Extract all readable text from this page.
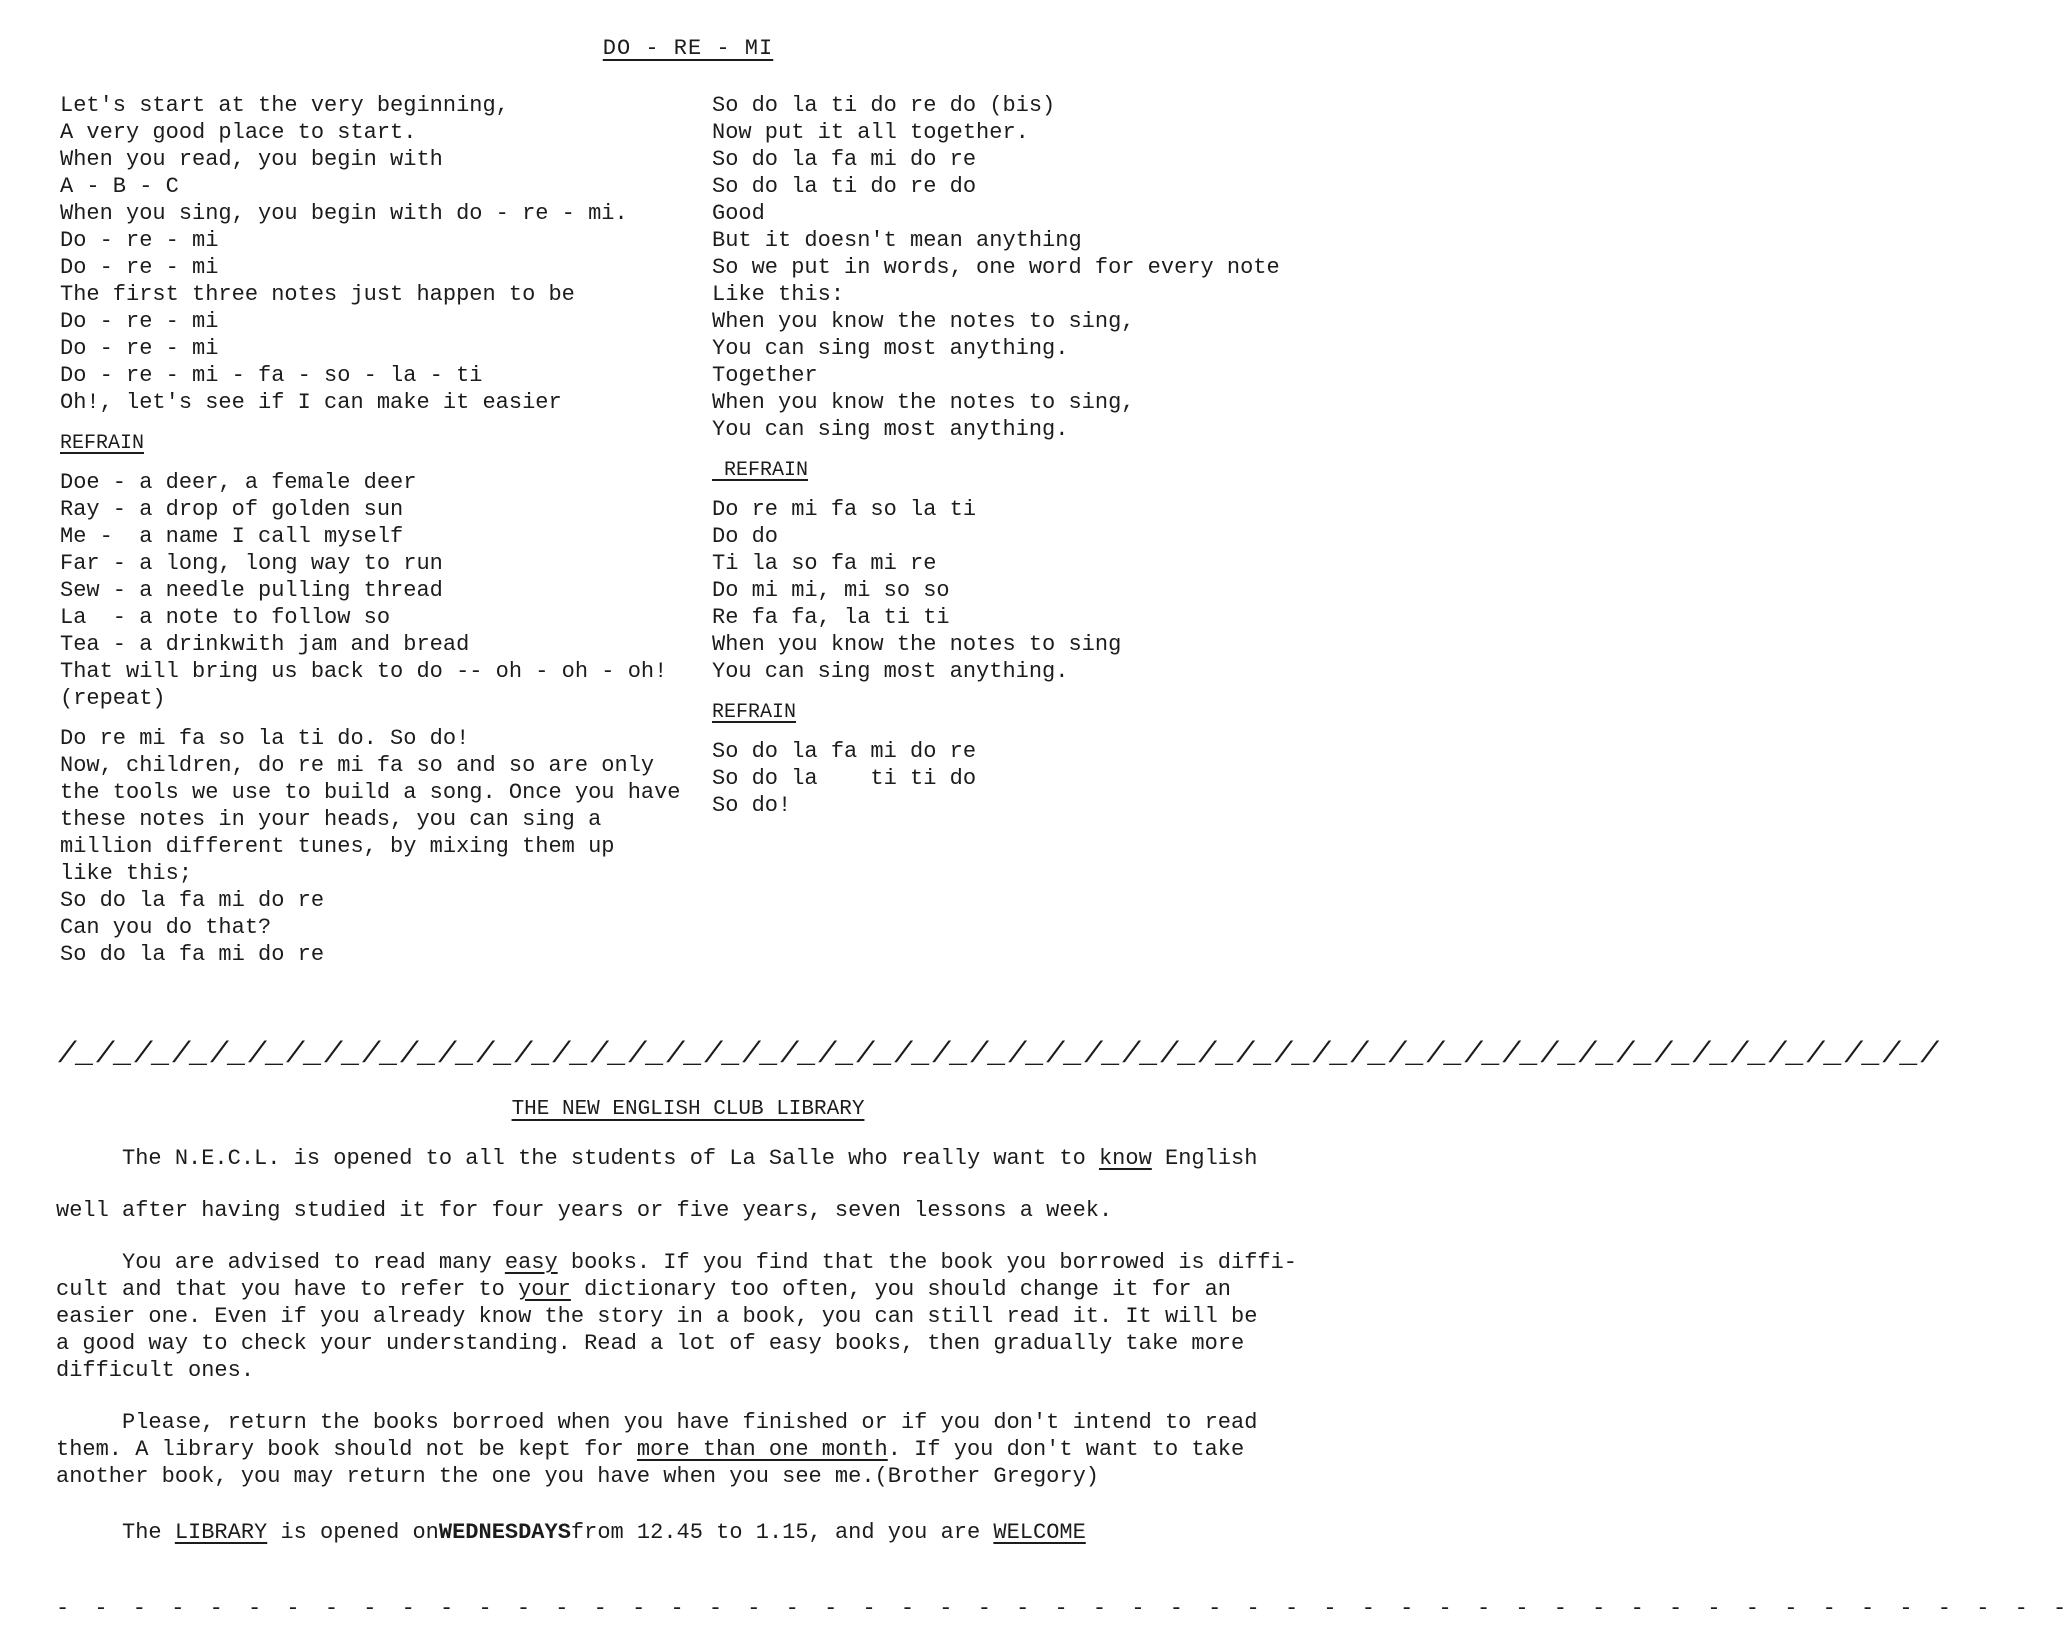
DO - RE - MI
Let's start at the very beginning,
A very good place to start.
When you read, you begin with
A - B - C
When you sing, you begin with do - re - mi.
Do - re - mi
Do - re - mi
The first three notes just happen to be
Do - re - mi
Do - re - mi
Do - re - mi - fa - so - la - ti
Oh!, let's see if I can make it easier
REFRAIN
Doe - a deer, a female deer
Ray - a drop of golden sun
Me -  a name I call myself
Far - a long, long way to run
Sew - a needle pulling thread
La  - a note to follow so
Tea - a drinkwith jam and bread
That will bring us back to do -- oh - oh - oh!
(repeat)
Do re mi fa so la ti do. So do!
Now, children, do re mi fa so and so are only
the tools we use to build a song. Once you have
these notes in your heads, you can sing a
million different tunes, by mixing them up
like this;
So do la fa mi do re
Can you do that?
So do la fa mi do re
So do la ti do re do (bis)
Now put it all together.
So do la fa mi do re
So do la ti do re do
Good
But it doesn't mean anything
So we put in words, one word for every note
Like this:
When you know the notes to sing,
You can sing most anything.
Together
When you know the notes to sing,
You can sing most anything.
REFRAIN
Do re mi fa so la ti
Do do
Ti la so fa mi re
Do mi mi, mi so so
Re fa fa, la ti ti
When you know the notes to sing
You can sing most anything.
REFRAIN
So do la fa mi do re
So do la    ti ti do
So do!
/_/_/_/_/_/_/_/_/_/_/_/_/_/_/_/_/_/_/_/_/_/_/_/_/_/_/_/_/_/_/_/_/_/_/_/_/_/_/_/_/_/_/_/_/_/_/_/_/_/
THE NEW ENGLISH CLUB LIBRARY
The N.E.C.L. is opened to all the students of La Salle who really want to know English
well after having studied it for four years or five years, seven lessons a week.
You are advised to read many easy books. If you find that the book you borrowed is diffi-
cult and that you have to refer to your dictionary too often, you should change it for an
easier one. Even if you already know the story in a book, you can still read it. It will be
a good way to check your understanding. Read a lot of easy books, then gradually take more
difficult ones.
Please, return the books borroed when you have finished or if you don't intend to read
them. A library book should not be kept for more than one month. If you don't want to take
another book, you may return the one you have when you see me.(Brother Gregory)
The LIBRARY is opened onWEDNESDAYSfrom 12.45 to 1.15, and you are WELCOME
- - - - - - - - - - - - - - - - - - - - - - - - - - - - - - - - - - - - - - - - - - - - - - - - - - - - -
